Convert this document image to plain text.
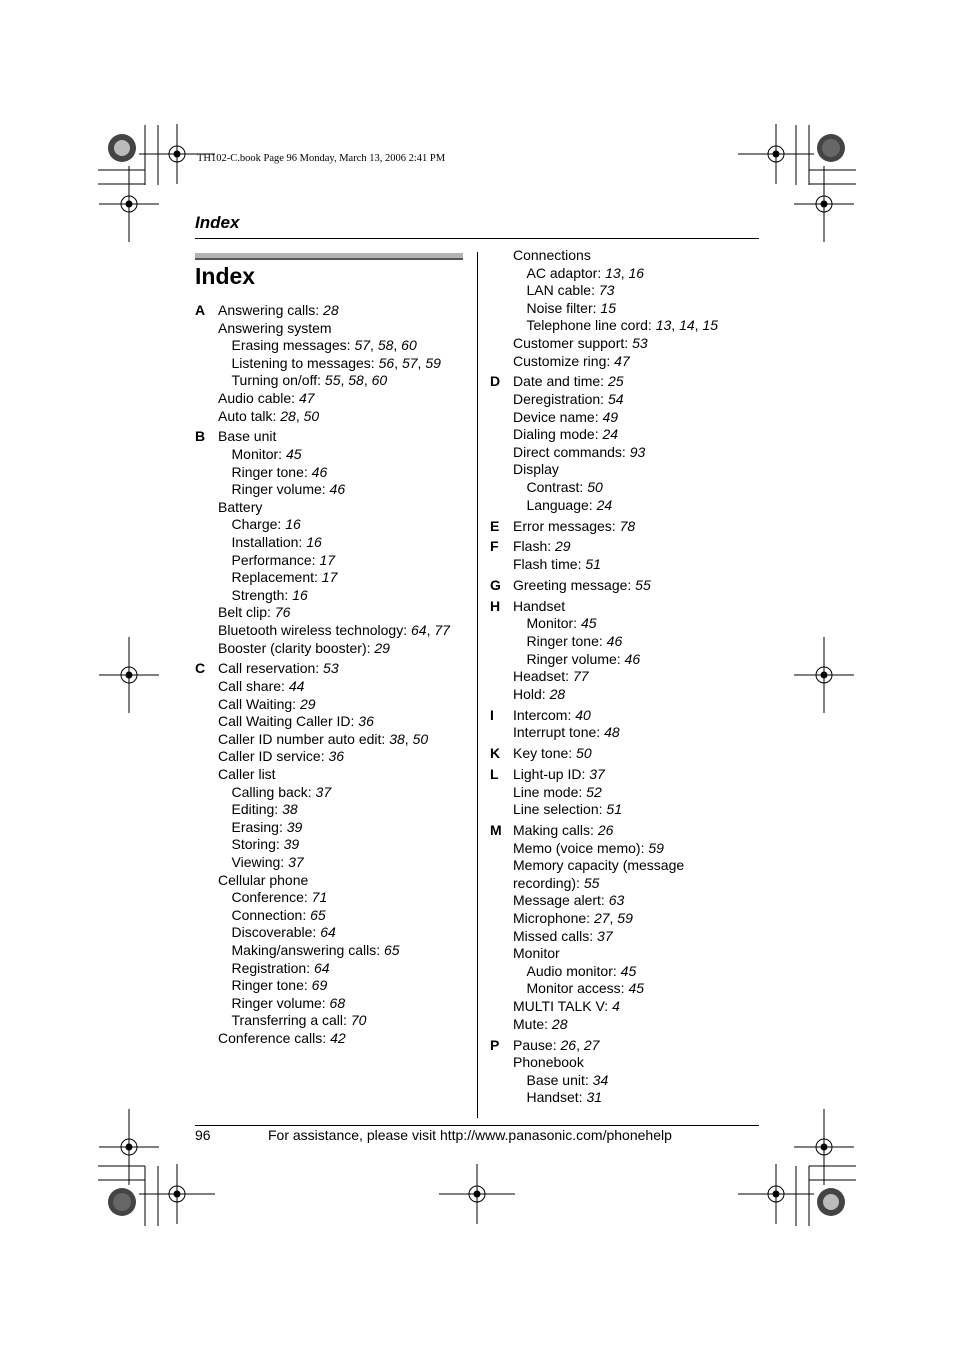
TH102-C.book Page 96 Monday, March 13, 2006 2:41 PM
Index
Index
A Answering calls: 28
Answering system
Erasing messages: 57, 58, 60
Listening to messages: 56, 57, 59
Turning on/off: 55, 58, 60
Audio cable: 47
Auto talk: 28, 50
B Base unit
Monitor: 45
Ringer tone: 46
Ringer volume: 46
Battery
Charge: 16
Installation: 16
Performance: 17
Replacement: 17
Strength: 16
Belt clip: 76
Bluetooth wireless technology: 64, 77
Booster (clarity booster): 29
C Call reservation: 53
Call share: 44
Call Waiting: 29
Call Waiting Caller ID: 36
Caller ID number auto edit: 38, 50
Caller ID service: 36
Caller list
Calling back: 37
Editing: 38
Erasing: 39
Storing: 39
Viewing: 37
Cellular phone
Conference: 71
Connection: 65
Discoverable: 64
Making/answering calls: 65
Registration: 64
Ringer tone: 69
Ringer volume: 68
Transferring a call: 70
Conference calls: 42
Connections
AC adaptor: 13, 16
LAN cable: 73
Noise filter: 15
Telephone line cord: 13, 14, 15
Customer support: 53
Customize ring: 47
D Date and time: 25
Deregistration: 54
Device name: 49
Dialing mode: 24
Direct commands: 93
Display
Contrast: 50
Language: 24
E Error messages: 78
F	Flash: 29
Flash time: 51
G Greeting message: 55
H Handset
Monitor: 45
Ringer tone: 46
Ringer volume: 46
Headset: 77
Hold: 28
I	Intercom: 40
Interrupt tone: 48
K Key tone: 50
L	Light-up ID: 37
Line mode: 52
Line selection: 51
M Making calls: 26
Memo (voice memo): 59
Memory capacity (message
recording): 55
Message alert: 63
Microphone: 27, 59
Missed calls: 37
Monitor
Audio monitor: 45
Monitor access: 45
MULTI TALK V: 4
Mute: 28
P Pause: 26, 27
Phonebook
Base unit: 34
Handset: 31
96	For assistance, please visit http://www.panasonic.com/phonehelp
